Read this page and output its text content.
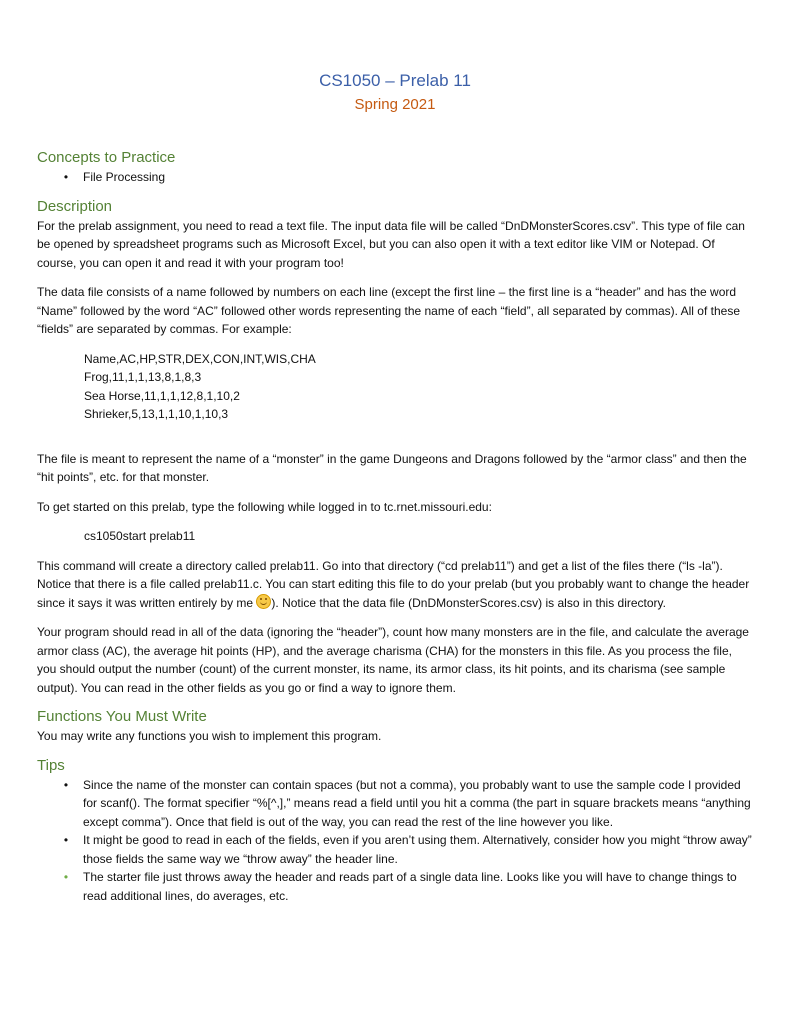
CS1050 – Prelab 11
Spring 2021
Concepts to Practice
• File Processing
Description

For the prelab assignment, you need to read a text file. The input data file will be called “DnDMonsterScores.csv”. This type of file can be opened by spreadsheet programs such as Microsoft Excel, but you can also open it with a text editor like VIM or Notepad. Of course, you can open it and read it with your program too!

The data file consists of a name followed by numbers on each line (except the first line – the first line is a “header” and has the word “Name” followed by the word “AC” followed other words representing the name of each “field”, all separated by commas). All of these “fields” are separated by commas. For example:

Name,AC,HP,STR,DEX,CON,INT,WIS,CHA
Frog,11,1,1,13,8,1,8,3
Sea Horse,11,1,1,12,8,1,10,2
Shrieker,5,13,1,1,10,1,10,3

The file is meant to represent the name of a “monster” in the game Dungeons and Dragons followed by the “armor class” and then the “hit points”, etc. for that monster.

To get started on this prelab, type the following while logged in to tc.rnet.missouri.edu:

cs1050start prelab11

This command will create a directory called prelab11. Go into that directory (“cd prelab11”) and get a list of the files there (“ls -la”). Notice that there is a file called prelab11.c. You can start editing this file to do your prelab (but you probably want to change the header since it says it was written entirely by me ). Notice that the data file (DnDMonsterScores.csv) is also in this directory.

Your program should read in all of the data (ignoring the “header”), count how many monsters are in the file, and calculate the average armor class (AC), the average hit points (HP), and the average charisma (CHA) for the monsters in this file. As you process the file, you should output the number (count) of the current monster, its name, its armor class, its hit points, and its charisma (see sample output). You can read in the other fields as you go or find a way to ignore them.

Functions You Must Write

You may write any functions you wish to implement this program.

Tips
• Since the name of the monster can contain spaces (but not a comma), you probably want to use the sample code I provided for scanf(). The format specifier “%[^,],” means read a field until you hit a comma (the part in square brackets means “anything except comma”). Once that field is out of the way, you can read the rest of the line however you like.
• It might be good to read in each of the fields, even if you aren’t using them. Alternatively, consider how you might “throw away” those fields the same way we “throw away” the header line.
• The starter file just throws away the header and reads part of a single data line. Looks like you will have to change things to read additional lines, do averages, etc.
